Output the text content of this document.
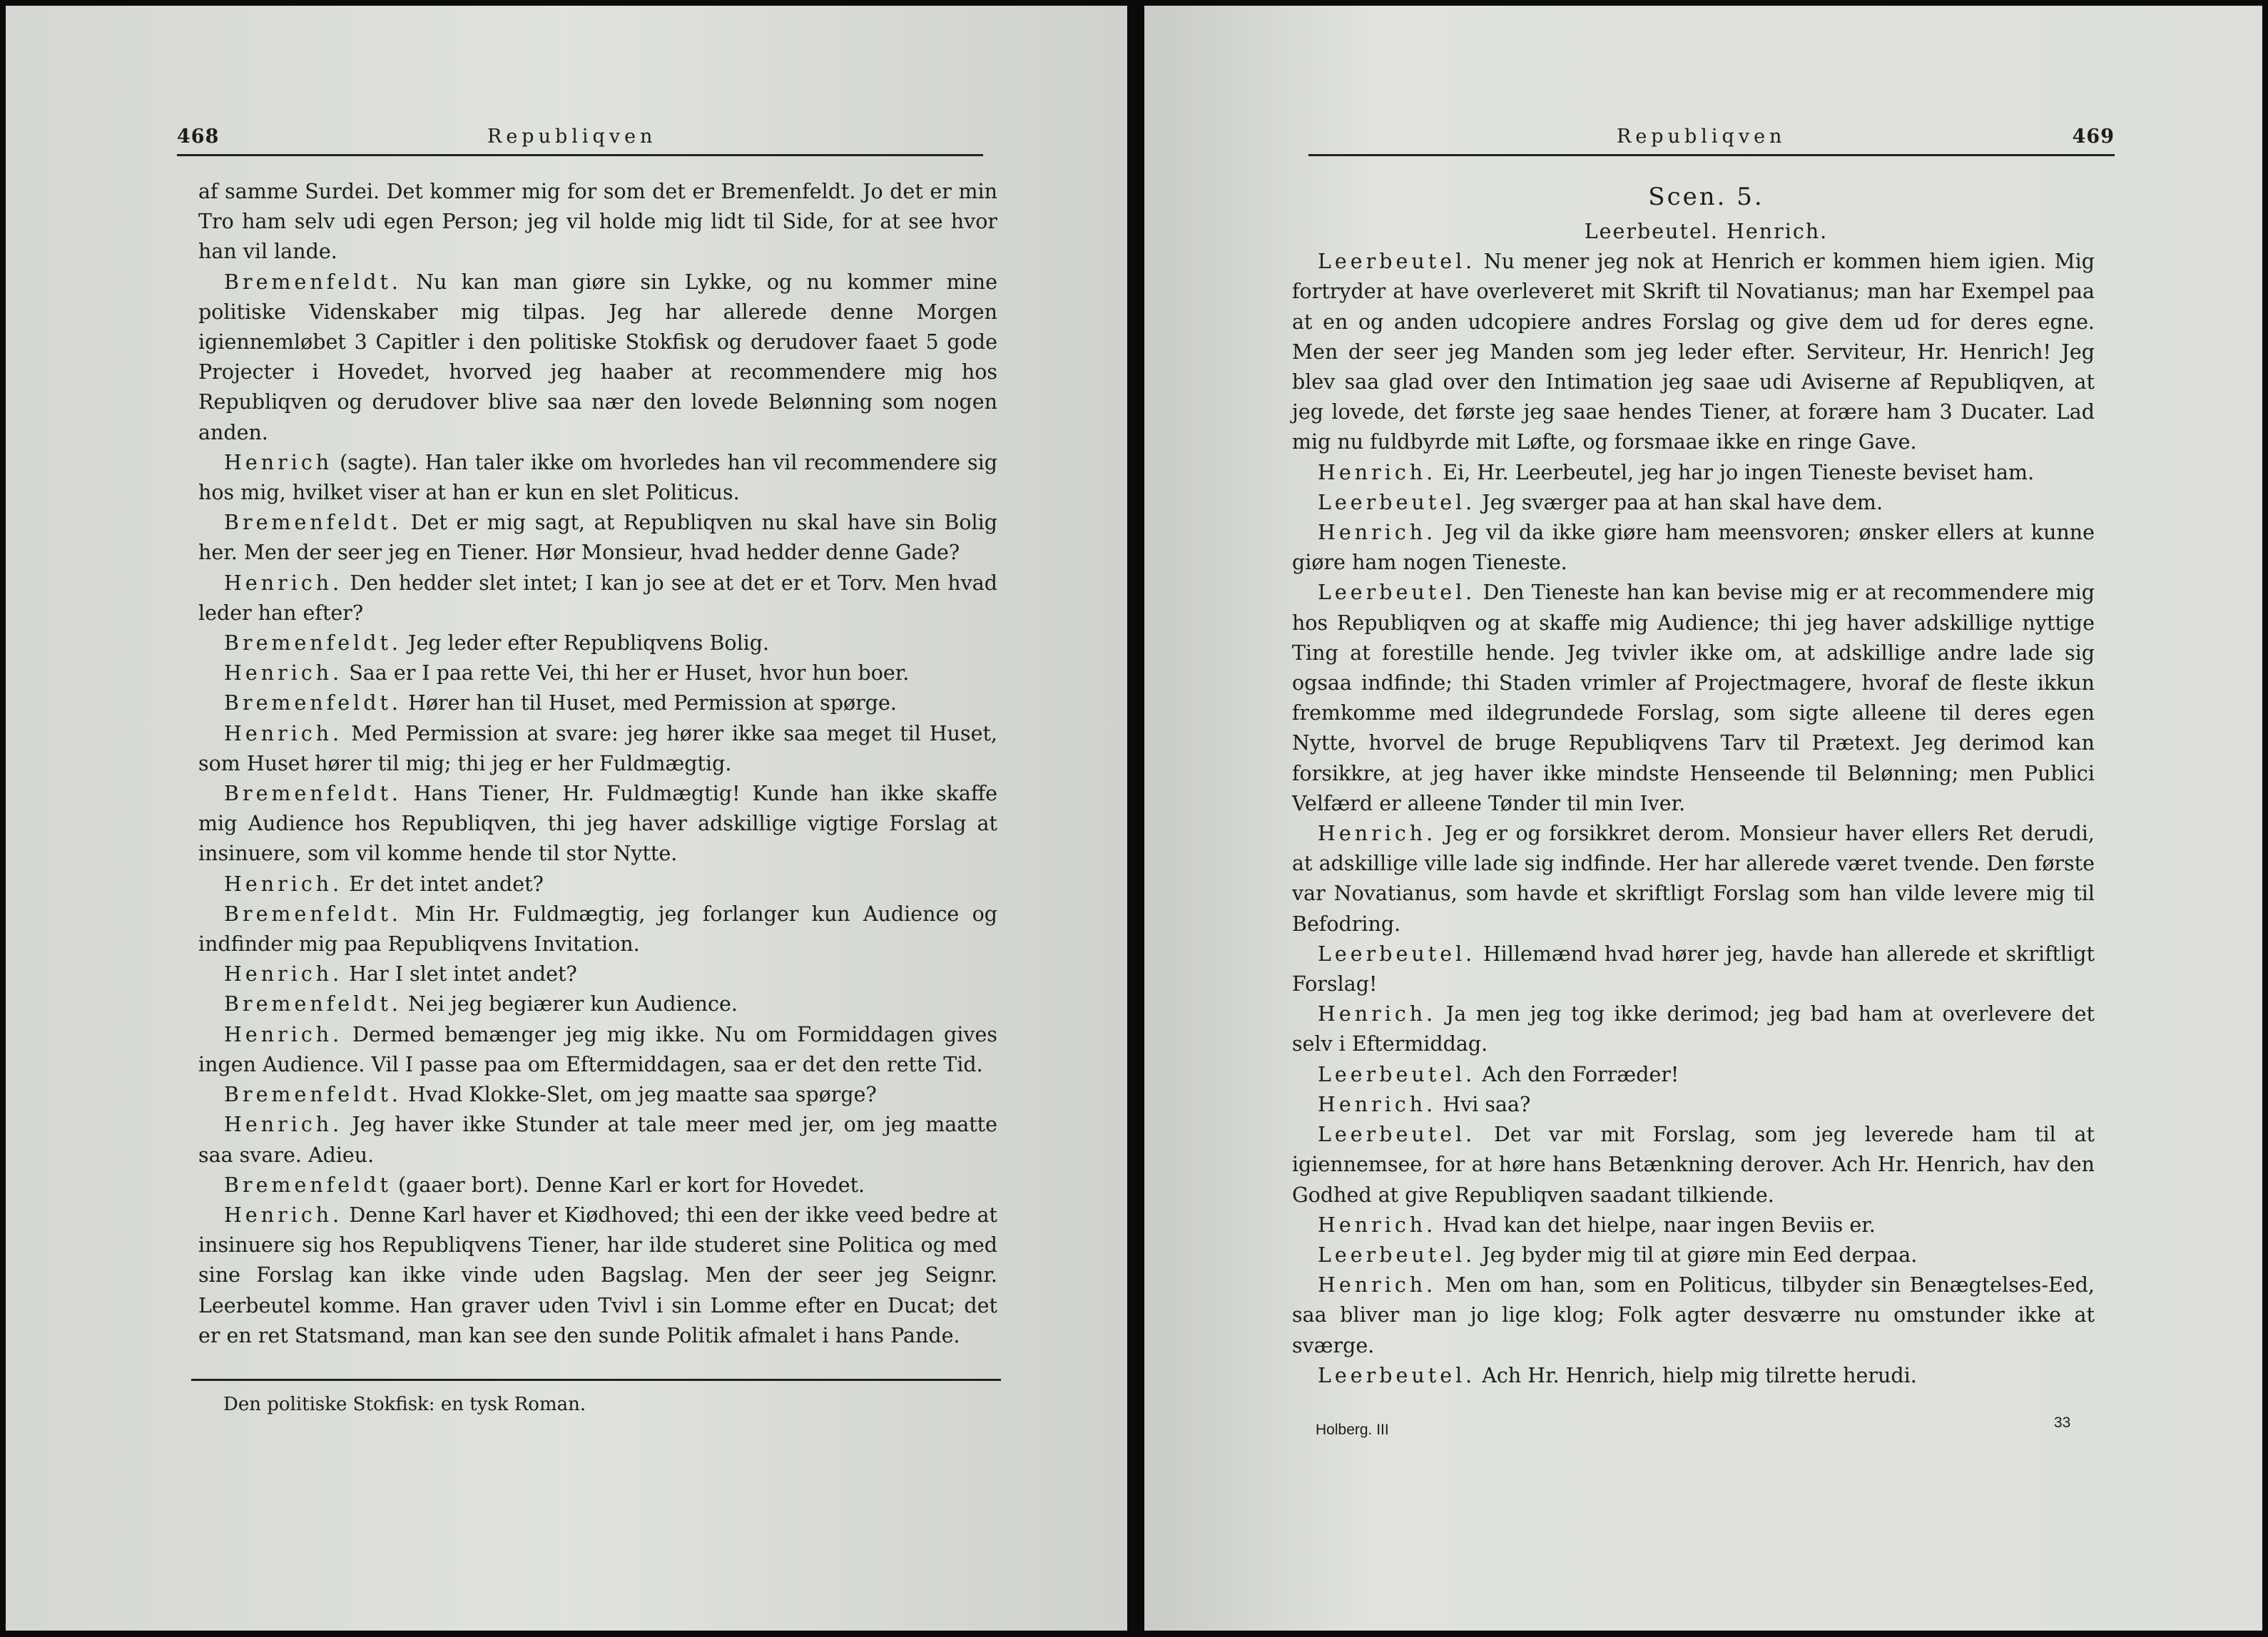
468	Republiqven

af samme Surdei. Det kommer mig for som det er Bremenfeldt. Jo det er min Tro ham selv udi egen Person; jeg vil holde mig lidt til Side, for at see hvor han vil lande.

Bremenfeldt. Nu kan man giøre sin Lykke, og nu kommer mine politiske Videnskaber mig tilpas. Jeg har allerede denne Morgen igiennemløbet 3 Capitler i den politiske Stokfisk og derudover faaet 5 gode Projecter i Hovedet, hvorved jeg haaber at recommendere mig hos Republiqven og derudover blive saa nær den lovede Belønning som nogen anden.

Henrich (sagte). Han taler ikke om hvorledes han vil recommendere sig hos mig, hvilket viser at han er kun en slet Politicus.

Bremenfeldt. Det er mig sagt, at Republiqven nu skal have sin Bolig her. Men der seer jeg en Tiener. Hør Monsieur, hvad hedder denne Gade?

Henrich. Den hedder slet intet; I kan jo see at det er et Torv. Men hvad leder han efter?

Bremenfeldt. Jeg leder efter Republiqvens Bolig.

Henrich. Saa er I paa rette Vei, thi her er Huset, hvor hun boer.

Bremenfeldt. Hører han til Huset, med Permission at spørge.

Henrich. Med Permission at svare: jeg hører ikke saa meget til Huset, som Huset hører til mig; thi jeg er her Fuldmægtig.

Bremenfeldt. Hans Tiener, Hr. Fuldmægtig! Kunde han ikke skaffe mig Audience hos Republiqven, thi jeg haver adskillige vigtige Forslag at insinuere, som vil komme hende til stor Nytte.

Henrich. Er det intet andet?

Bremenfeldt. Min Hr. Fuldmægtig, jeg forlanger kun Audience og indfinder mig paa Republiqvens Invitation.

Henrich. Har I slet intet andet?

Bremenfeldt. Nei jeg begiærer kun Audience.

Henrich. Dermed bemænger jeg mig ikke. Nu om Formiddagen gives ingen Audience. Vil I passe paa om Eftermiddagen, saa er det den rette Tid.

Bremenfeldt. Hvad Klokke-Slet, om jeg maatte saa spørge?

Henrich. Jeg haver ikke Stunder at tale meer med jer, om jeg maatte saa svare. Adieu.

Bremenfeldt (gaaer bort). Denne Karl er kort for Hovedet.

Henrich. Denne Karl haver et Kiødhoved; thi een der ikke veed bedre at insinuere sig hos Republiqvens Tiener, har ilde studeret sine Politica og med sine Forslag kan ikke vinde uden Bagslag. Men der seer jeg Seignr. Leerbeutel komme. Han graver uden Tvivl i sin Lomme efter en Ducat; det er en ret Statsmand, man kan see den sunde Politik afmalet i hans Pande.

Den politiske Stokfisk: en tysk Roman.
Republiqven	469

Scen. 5.

Leerbeutel. Henrich.

Leerbeutel. Nu mener jeg nok at Henrich er kommen hiem igien. Mig fortryder at have overleveret mit Skrift til Novatianus; man har Exempel paa at en og anden udcopiere andres Forslag og give dem ud for deres egne. Men der seer jeg Manden som jeg leder efter. Serviteur, Hr. Henrich! Jeg blev saa glad over den Intimation jeg saae udi Aviserne af Republiqven, at jeg lovede, det første jeg saae hendes Tiener, at forære ham 3 Ducater. Lad mig nu fuldbyrde mit Løfte, og forsmaae ikke en ringe Gave.

Henrich. Ei, Hr. Leerbeutel, jeg har jo ingen Tieneste beviset ham.

Leerbeutel. Jeg sværger paa at han skal have dem.

Henrich. Jeg vil da ikke giøre ham meensvoren; ønsker ellers at kunne giøre ham nogen Tieneste.

Leerbeutel. Den Tieneste han kan bevise mig er at recommendere mig hos Republiqven og at skaffe mig Audience; thi jeg haver adskillige nyttige Ting at forestille hende. Jeg tvivler ikke om, at adskillige andre lade sig ogsaa indfinde; thi Staden vrimler af Projectmagere, hvoraf de fleste ikkun fremkomme med ildegrundede Forslag, som sigte alleene til deres egen Nytte, hvorvel de bruge Republiqvens Tarv til Prætext. Jeg derimod kan forsikkre, at jeg haver ikke mindste Henseende til Belønning; men Publici Velfærd er alleene Tønder til min Iver.

Henrich. Jeg er og forsikkret derom. Monsieur haver ellers Ret derudi, at adskillige ville lade sig indfinde. Her har allerede været tvende. Den første var Novatianus, som havde et skriftligt Forslag som han vilde levere mig til Befodring.

Leerbeutel. Hillemænd hvad hører jeg, havde han allerede et skriftligt Forslag!

Henrich. Ja men jeg tog ikke derimod; jeg bad ham at overlevere det selv i Eftermiddag.

Leerbeutel. Ach den Forræder!

Henrich. Hvi saa?

Leerbeutel. Det var mit Forslag, som jeg leverede ham til at igiennemsee, for at høre hans Betænkning derover. Ach Hr. Henrich, hav den Godhed at give Republiqven saadant tilkiende.

Henrich. Hvad kan det hielpe, naar ingen Beviis er.

Leerbeutel. Jeg byder mig til at giøre min Eed derpaa.

Henrich. Men om han, som en Politicus, tilbyder sin Benægtelses-Eed, saa bliver man jo lige klog; Folk agter desværre nu omstunder ikke at sværge.

Leerbeutel. Ach Hr. Henrich, hielp mig tilrette herudi.

Holberg. III	33
